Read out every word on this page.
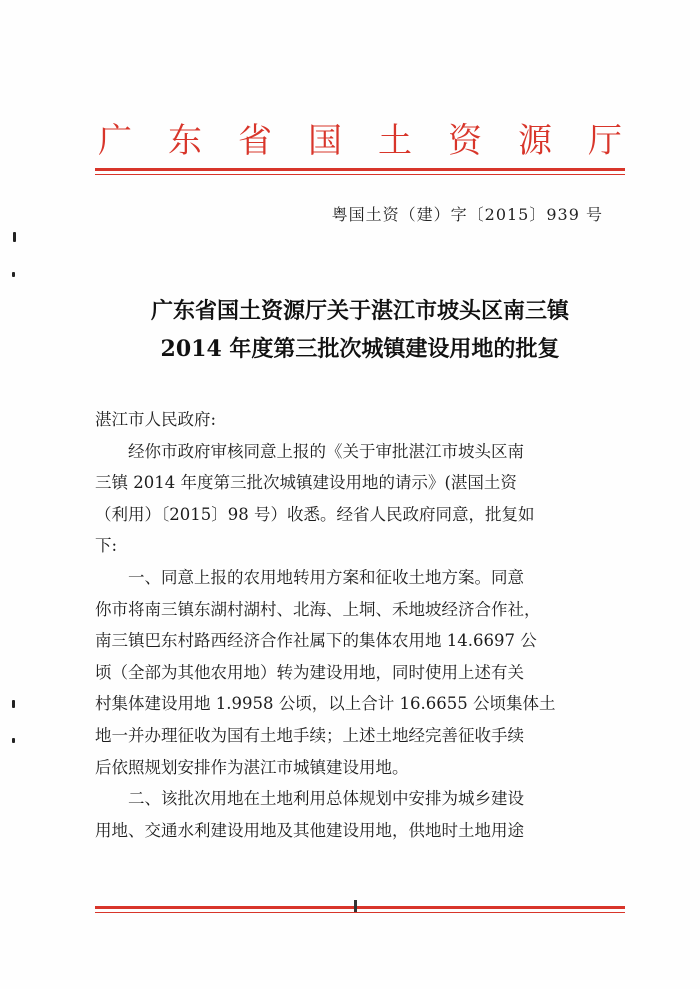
广 东 省 国 土 资 源 厅
粤国土资（建）字〔2015〕939 号
广东省国土资源厅关于湛江市坡头区南三镇
2014 年度第三批次城镇建设用地的批复
湛江市人民政府:
经你市政府审核同意上报的《关于审批湛江市坡头区南
三镇 2014 年度第三批次城镇建设用地的请示》(湛国土资
（利用）〔2015〕98 号）收悉。经省人民政府同意，批复如
下:
一、同意上报的农用地转用方案和征收土地方案。同意
你市将南三镇东湖村湖村、北海、上垌、禾地坡经济合作社，
南三镇巴东村路西经济合作社属下的集体农用地 14.6697 公
顷（全部为其他农用地）转为建设用地，同时使用上述有关
村集体建设用地 1.9958 公顷，以上合计 16.6655 公顷集体土
地一并办理征收为国有土地手续；上述土地经完善征收手续
后依照规划安排作为湛江市城镇建设用地。
二、该批次用地在土地利用总体规划中安排为城乡建设
用地、交通水利建设用地及其他建设用地，供地时土地用途
